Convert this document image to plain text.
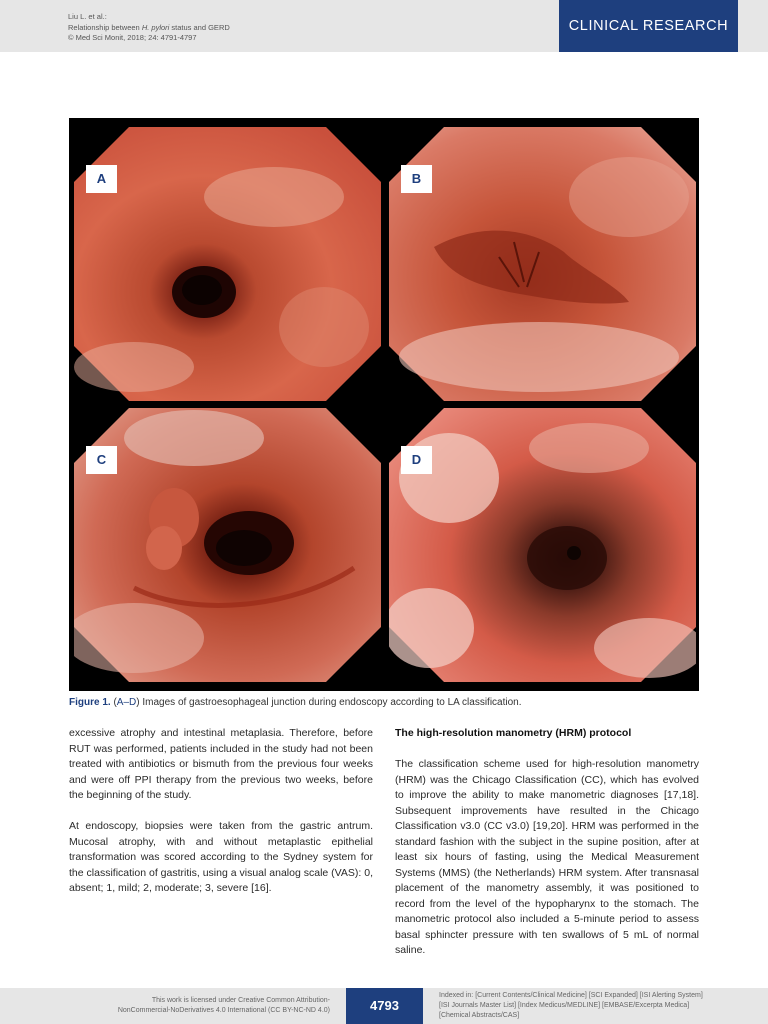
Liu L. et al.:
Relationship between H. pylori status and GERD
© Med Sci Monit, 2018; 24: 4791-4797
CLINICAL RESEARCH
A	B
C	D
Figure 1. (A–D) Images of gastroesophageal junction during endoscopy according to LA classification.

excessive atrophy and intestinal metaplasia. Therefore, before RUT was performed, patients included in the study had not been treated with antibiotics or bismuth from the previous four weeks and were off PPI therapy from the previous two weeks, before the beginning of the study.

At endoscopy, biopsies were taken from the gastric antrum. Mucosal atrophy, with and without metaplastic epithelial transformation was scored according to the Sydney system for the classification of gastritis, using a visual analog scale (VAS): 0, absent; 1, mild; 2, moderate; 3, severe [16].

The high-resolution manometry (HRM) protocol

The classification scheme used for high-resolution manometry (HRM) was the Chicago Classification (CC), which has evolved to improve the ability to make manometric diagnoses [17,18]. Subsequent improvements have resulted in the Chicago Classification v3.0 (CC v3.0) [19,20]. HRM was performed in the standard fashion with the subject in the supine position, after at least six hours of fasting, using the Medical Measurement Systems (MMS) (the Netherlands) HRM system. After transnasal placement of the manometry assembly, it was positioned to record from the level of the hypopharynx to the stomach. The manometric protocol also included a 5-minute period to assess basal sphincter pressure with ten swallows of 5 mL of normal saline.

This work is licensed under Creative Common Attribution-
NonCommercial-NoDerivatives 4.0 International (CC BY-NC-ND 4.0)
Indexed in: [Current Contents/Clinical Medicine] [SCI Expanded] [ISI Alerting System]
[ISI Journals Master List] [Index Medicus/MEDLINE] [EMBASE/Excerpta Medica]
[Chemical Abstracts/CAS]
4793
